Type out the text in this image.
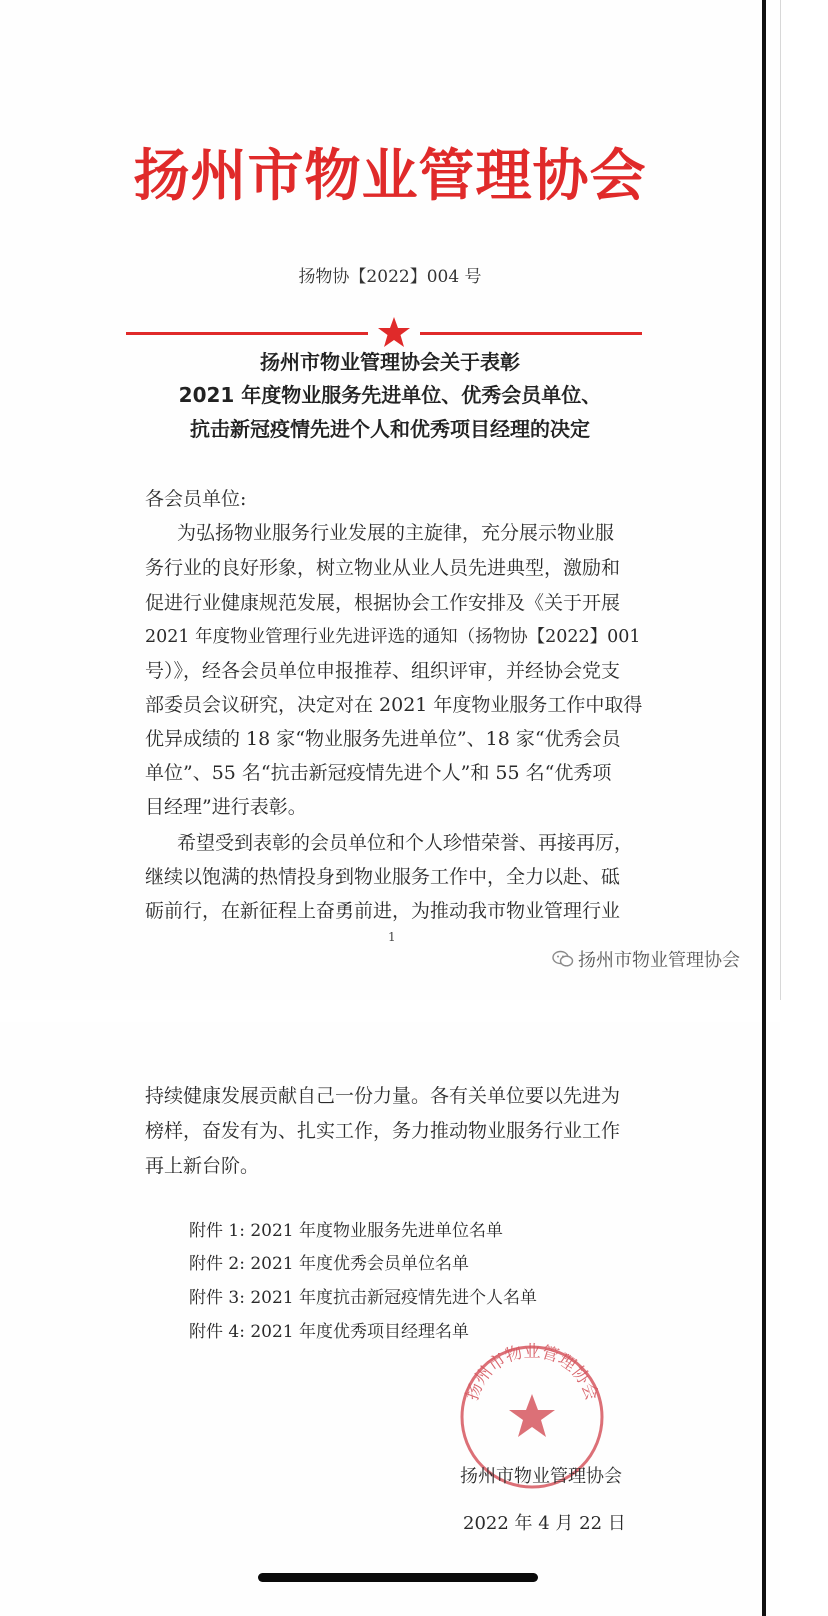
扬州市物业管理协会
扬物协【2022】004 号
扬州市物业管理协会关于表彰
2021 年度物业服务先进单位、优秀会员单位、
抗击新冠疫情先进个人和优秀项目经理的决定
各会员单位:
为弘扬物业服务行业发展的主旋律，充分展示物业服
务行业的良好形象，树立物业从业人员先进典型，激励和
促进行业健康规范发展，根据协会工作安排及《关于开展
2021 年度物业管理行业先进评选的通知（扬物协【2022】001
号）》，经各会员单位申报推荐、组织评审，并经协会党支
部委员会议研究，决定对在 2021 年度物业服务工作中取得
优异成绩的 18 家“物业服务先进单位”、18 家“优秀会员
单位”、55 名“抗击新冠疫情先进个人”和 55 名“优秀项
目经理”进行表彰。
希望受到表彰的会员单位和个人珍惜荣誉、再接再厉，
继续以饱满的热情投身到物业服务工作中，全力以赴、砥
砺前行，在新征程上奋勇前进，为推动我市物业管理行业
1
扬州市物业管理协会
持续健康发展贡献自己一份力量。各有关单位要以先进为
榜样，奋发有为、扎实工作，务力推动物业服务行业工作
再上新台阶。
附件 1: 2021 年度物业服务先进单位名单
附件 2: 2021 年度优秀会员单位名单
附件 3: 2021 年度抗击新冠疫情先进个人名单
附件 4: 2021 年度优秀项目经理名单
扬州市物业管理协会
扬州市物业管理协会
2022 年 4 月 22 日
